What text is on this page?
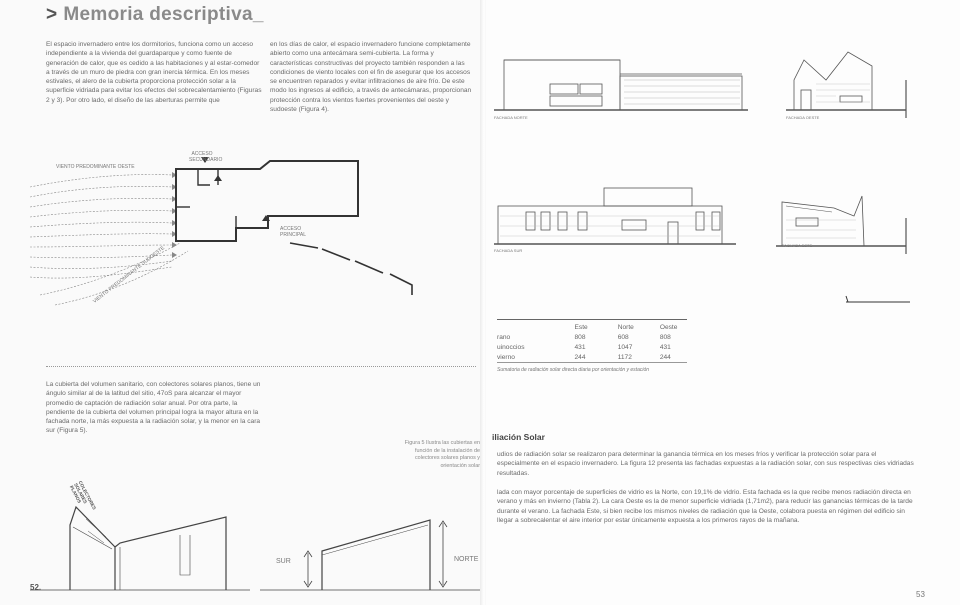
> Memoria descriptiva_
El espacio invernadero entre los dormitorios, funciona como un acceso independiente a la vivienda del guardaparque y como fuente de generación de calor, que es cedido a las habitaciones y al estar-comedor a través de un muro de piedra con gran inercia térmica. En los meses estivales, el alero de la cubierta proporciona protección solar a la superficie vidriada para evitar los efectos del sobrecalentamiento (Figuras 2 y 3). Por otro lado, el diseño de las aberturas permite que
en los días de calor, el espacio invernadero funcione completamente abierto como una antecámara semi-cubierta. La forma y características constructivas del proyecto también responden a las condiciones de viento locales con el fin de asegurar que los accesos se encuentren reparados y evitar infiltraciones de aire frío. De este modo los ingresos al edificio, a través de antecámaras, proporcionan protección contra los vientos fuertes provenientes del oeste y sudoeste (Figura 4).
VIENTO PREDOMINANTE OESTE
VIENTO PREDOMINANTE SUDOESTE
ACCESO SECUNDARIO
ACCESO PRINCIPAL
La cubierta del volumen sanitario, con colectores solares planos, tiene un ángulo similar al de la latitud del sitio, 47oS para alcanzar el mayor promedio de captación de radiación solar anual. Por otra parte, la pendiente de la cubierta del volumen principal logra la mayor altura en la fachada norte, la más expuesta a la radiación solar, y la menor en la cara sur (Figura 5).
Figura 5 Ilustra las cubiertas en función de la instalación de colectores solares planos y orientación solar
COLECTORES SOLARES PLANOS
SUR	NORTE
52.
FACHADA NORTE	FACHADA OESTE
FACHADA SUR
FACHADA ESTE
	Este	Norte	Oeste
rano	808	608	808
uinoccios	431	1047	431
vierno	244	1172	244
Sumatoria de radiación solar directa diaria por orientación y estación
iliación Solar
udios de radiación solar se realizaron para determinar la ganancia térmica en los meses fríos y verificar la protección solar para el especialmente en el espacio invernadero. La figura 12 presenta las fachadas expuestas a la radiación solar, con sus respectivas cies vidriadas resultadas.
lada con mayor porcentaje de superficies de vidrio es la Norte, con 19,1% de vidrio. Esta fachada es la que recibe menos radiación directa en verano y más en invierno (Tabla 2). La cara Oeste es la de menor superficie vidriada (1,71m2), para reducir las ganancias térmicas de la tarde durante el verano. La fachada Este, si bien recibe los mismos niveles de radiación que la Oeste, colabora puesta en régimen del edificio sin llegar a sobrecalentar el aire interior por estar únicamente expuesta a los primeros rayos de la mañana.
53
